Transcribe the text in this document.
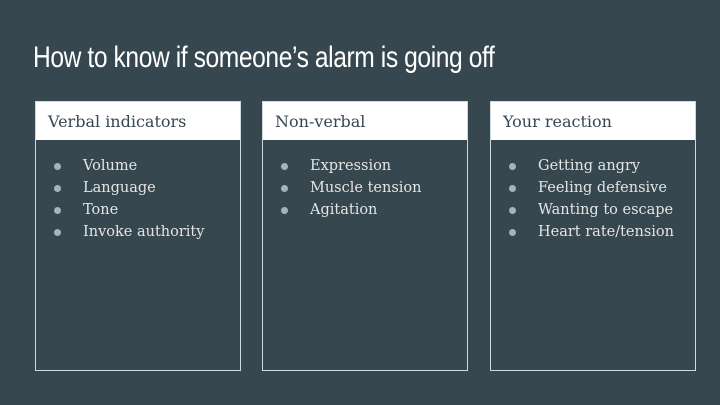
How to know if someone’s alarm is going off
Verbal indicators
Volume
Language
Tone
Invoke authority
Non-verbal
Expression
Muscle tension
Agitation
Your reaction
Getting angry
Feeling defensive
Wanting to escape
Heart rate/tension
